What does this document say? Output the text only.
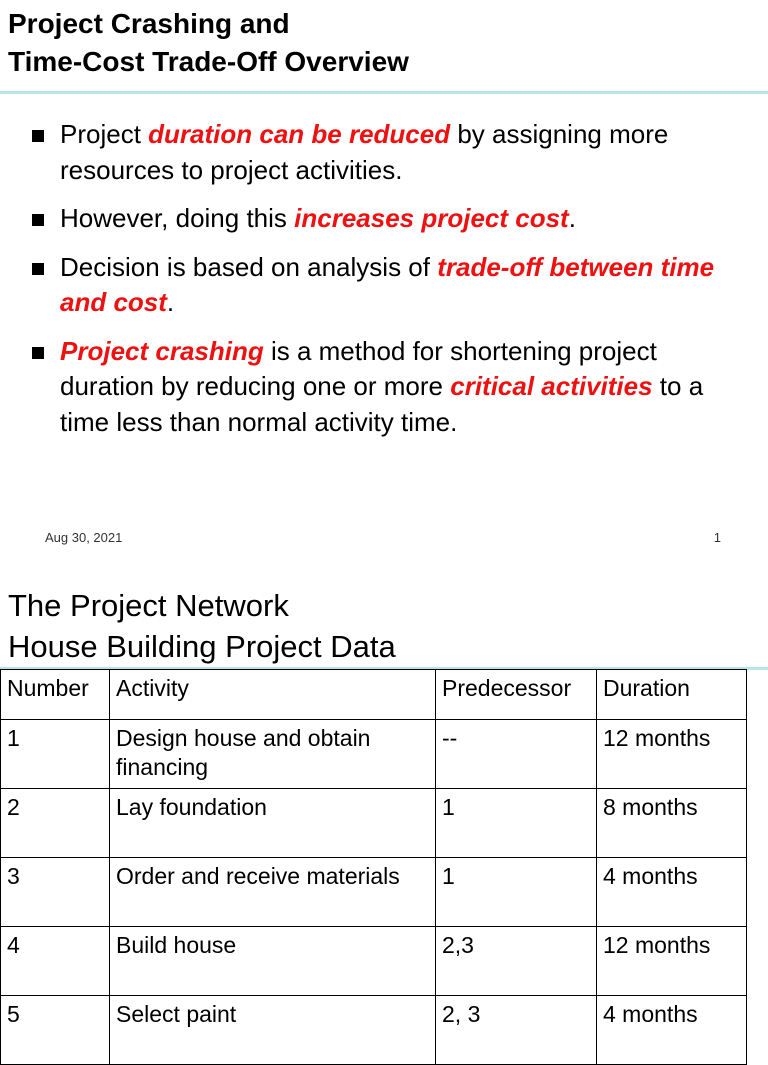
Project Crashing and
Time-Cost Trade-Off Overview
Project duration can be reduced by assigning more resources to project activities.
However, doing this increases project cost.
Decision is based on analysis of trade-off between time and cost.
Project crashing is a method for shortening project duration by reducing one or more critical activities to a time less than normal activity time.
Aug 30, 2021	1
The Project Network
House Building Project Data
Number	Activity	Predecessor	Duration
1	Design house and obtain financing	--	12 months
2	Lay foundation	1	8 months
3	Order and receive materials	1	4 months
4	Build house	2,3	12 months
5	Select paint	2, 3	4 months
